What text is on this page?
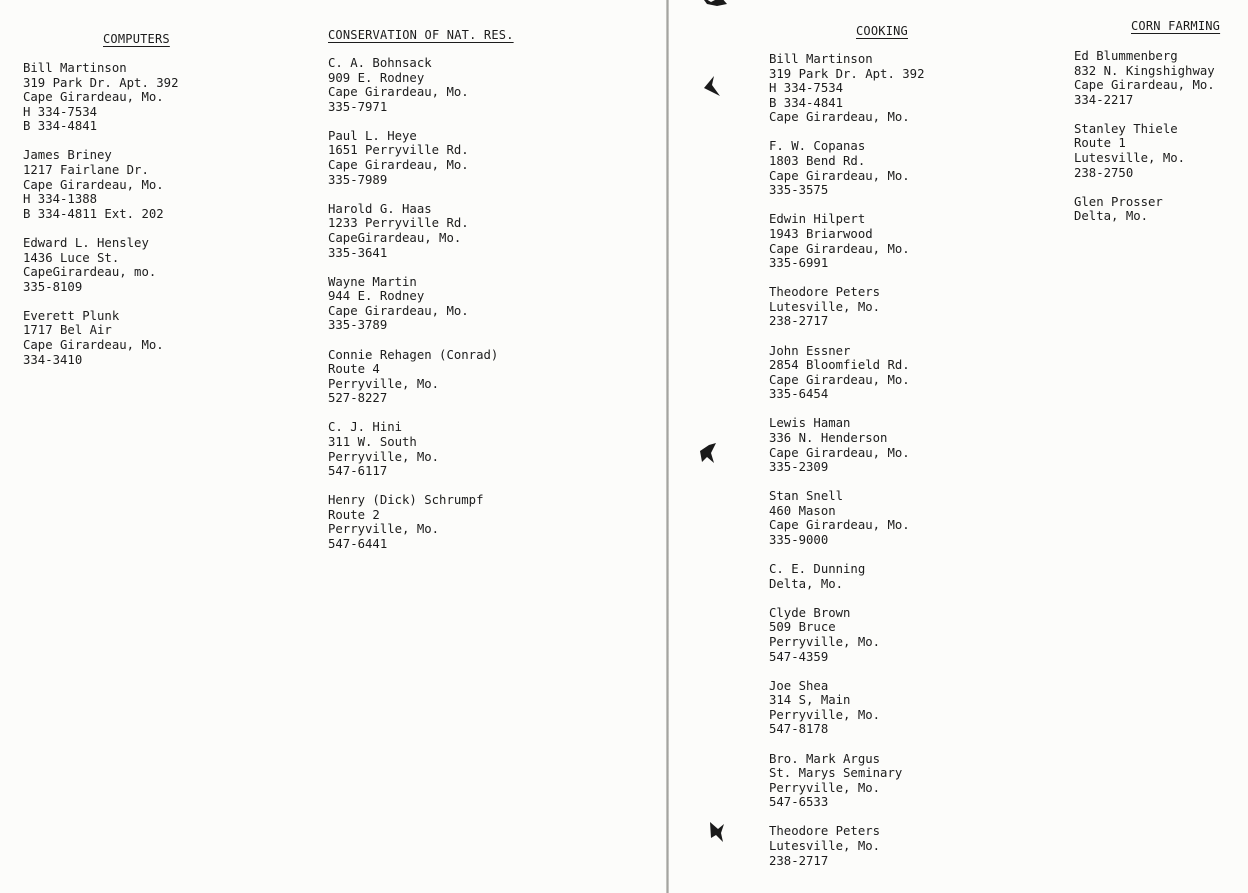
COMPUTERS
Bill Martinson
319 Park Dr. Apt. 392
Cape Girardeau, Mo.
H 334-7534
B 334-4841
James Briney
1217 Fairlane Dr.
Cape Girardeau, Mo.
H 334-1388
B 334-4811 Ext. 202
Edward L. Hensley
1436 Luce St.
CapeGirardeau, mo.
335-8109
Everett Plunk
1717 Bel Air
Cape Girardeau, Mo.
334-3410
CONSERVATION OF NAT. RES.
C. A. Bohnsack
909 E. Rodney
Cape Girardeau, Mo.
335-7971
Paul L. Heye
1651 Perryville Rd.
Cape Girardeau, Mo.
335-7989
Harold G. Haas
1233 Perryville Rd.
CapeGirardeau, Mo.
335-3641
Wayne Martin
944 E. Rodney
Cape Girardeau, Mo.
335-3789
Connie Rehagen (Conrad)
Route 4
Perryville, Mo.
527-8227
C. J. Hini
311 W. South
Perryville, Mo.
547-6117
Henry (Dick) Schrumpf
Route 2
Perryville, Mo.
547-6441
COOKING
Bill Martinson
319 Park Dr. Apt. 392
H 334-7534
B 334-4841
Cape Girardeau, Mo.
F. W. Copanas
1803 Bend Rd.
Cape Girardeau, Mo.
335-3575
Edwin Hilpert
1943 Briarwood
Cape Girardeau, Mo.
335-6991
Theodore Peters
Lutesville, Mo.
238-2717
John Essner
2854 Bloomfield Rd.
Cape Girardeau, Mo.
335-6454
Lewis Haman
336 N. Henderson
Cape Girardeau, Mo.
335-2309
Stan Snell
460 Mason
Cape Girardeau, Mo.
335-9000
C. E. Dunning
Delta, Mo.
Clyde Brown
509 Bruce
Perryville, Mo.
547-4359
Joe Shea
314 S, Main
Perryville, Mo.
547-8178
Bro. Mark Argus
St. Marys Seminary
Perryville, Mo.
547-6533
Theodore Peters
Lutesville, Mo.
238-2717
CORN FARMING
Ed Blummenberg
832 N. Kingshighway
Cape Girardeau, Mo.
334-2217
Stanley Thiele
Route 1
Lutesville, Mo.
238-2750
Glen Prosser
Delta, Mo.
